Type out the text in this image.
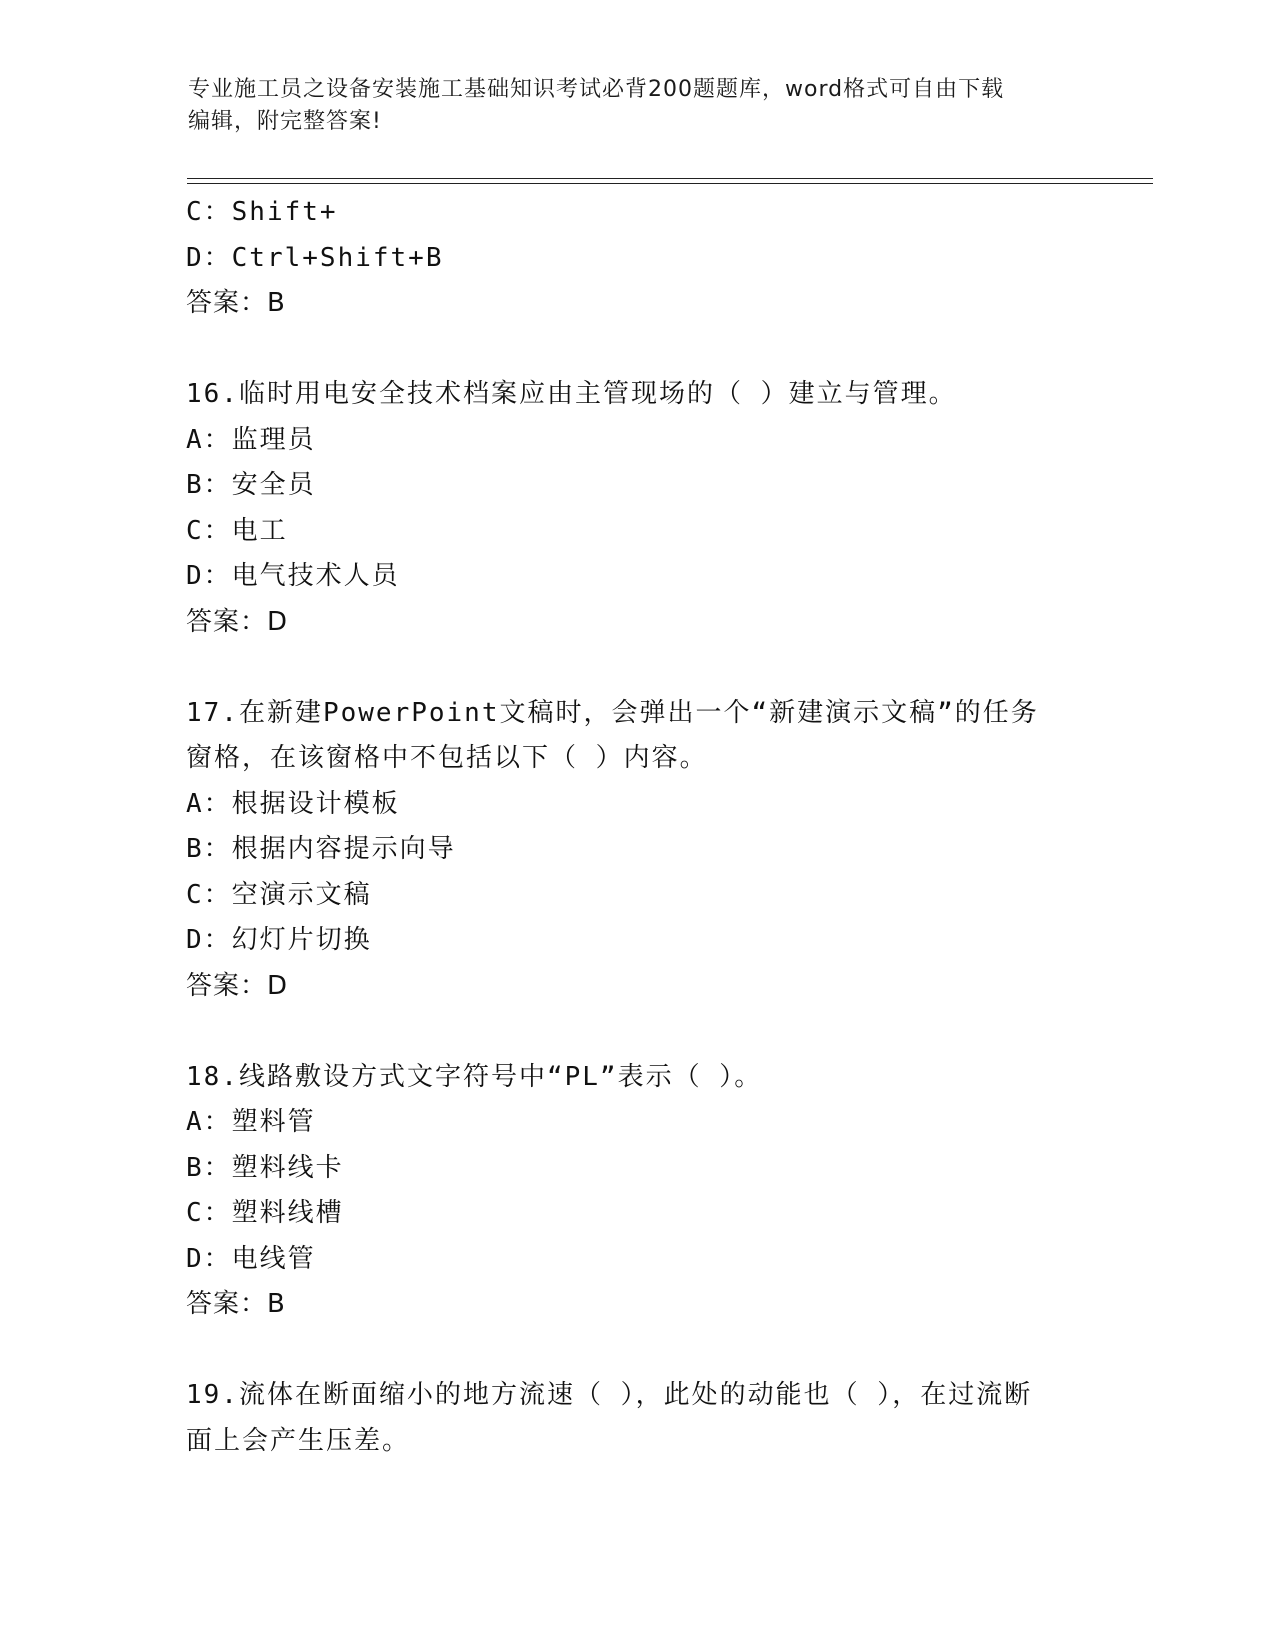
专业施工员之设备安装施工基础知识考试必背200题题库，word格式可自由下载
编辑，附完整答案!
C：Shift+
D：Ctrl+Shift+B
答案：B
16.临时用电安全技术档案应由主管现场的（ ）建立与管理。
A：监理员
B：安全员
C：电工
D：电气技术人员
答案：D
17.在新建PowerPoint文稿时，会弹出一个“新建演示文稿”的任务
窗格，在该窗格中不包括以下（ ）内容。
A：根据设计模板
B：根据内容提示向导
C：空演示文稿
D：幻灯片切换
答案：D
18.线路敷设方式文字符号中“PL”表示（ ）。
A：塑料管
B：塑料线卡
C：塑料线槽
D：电线管
答案：B
19.流体在断面缩小的地方流速（ ），此处的动能也（ ），在过流断
面上会产生压差。
